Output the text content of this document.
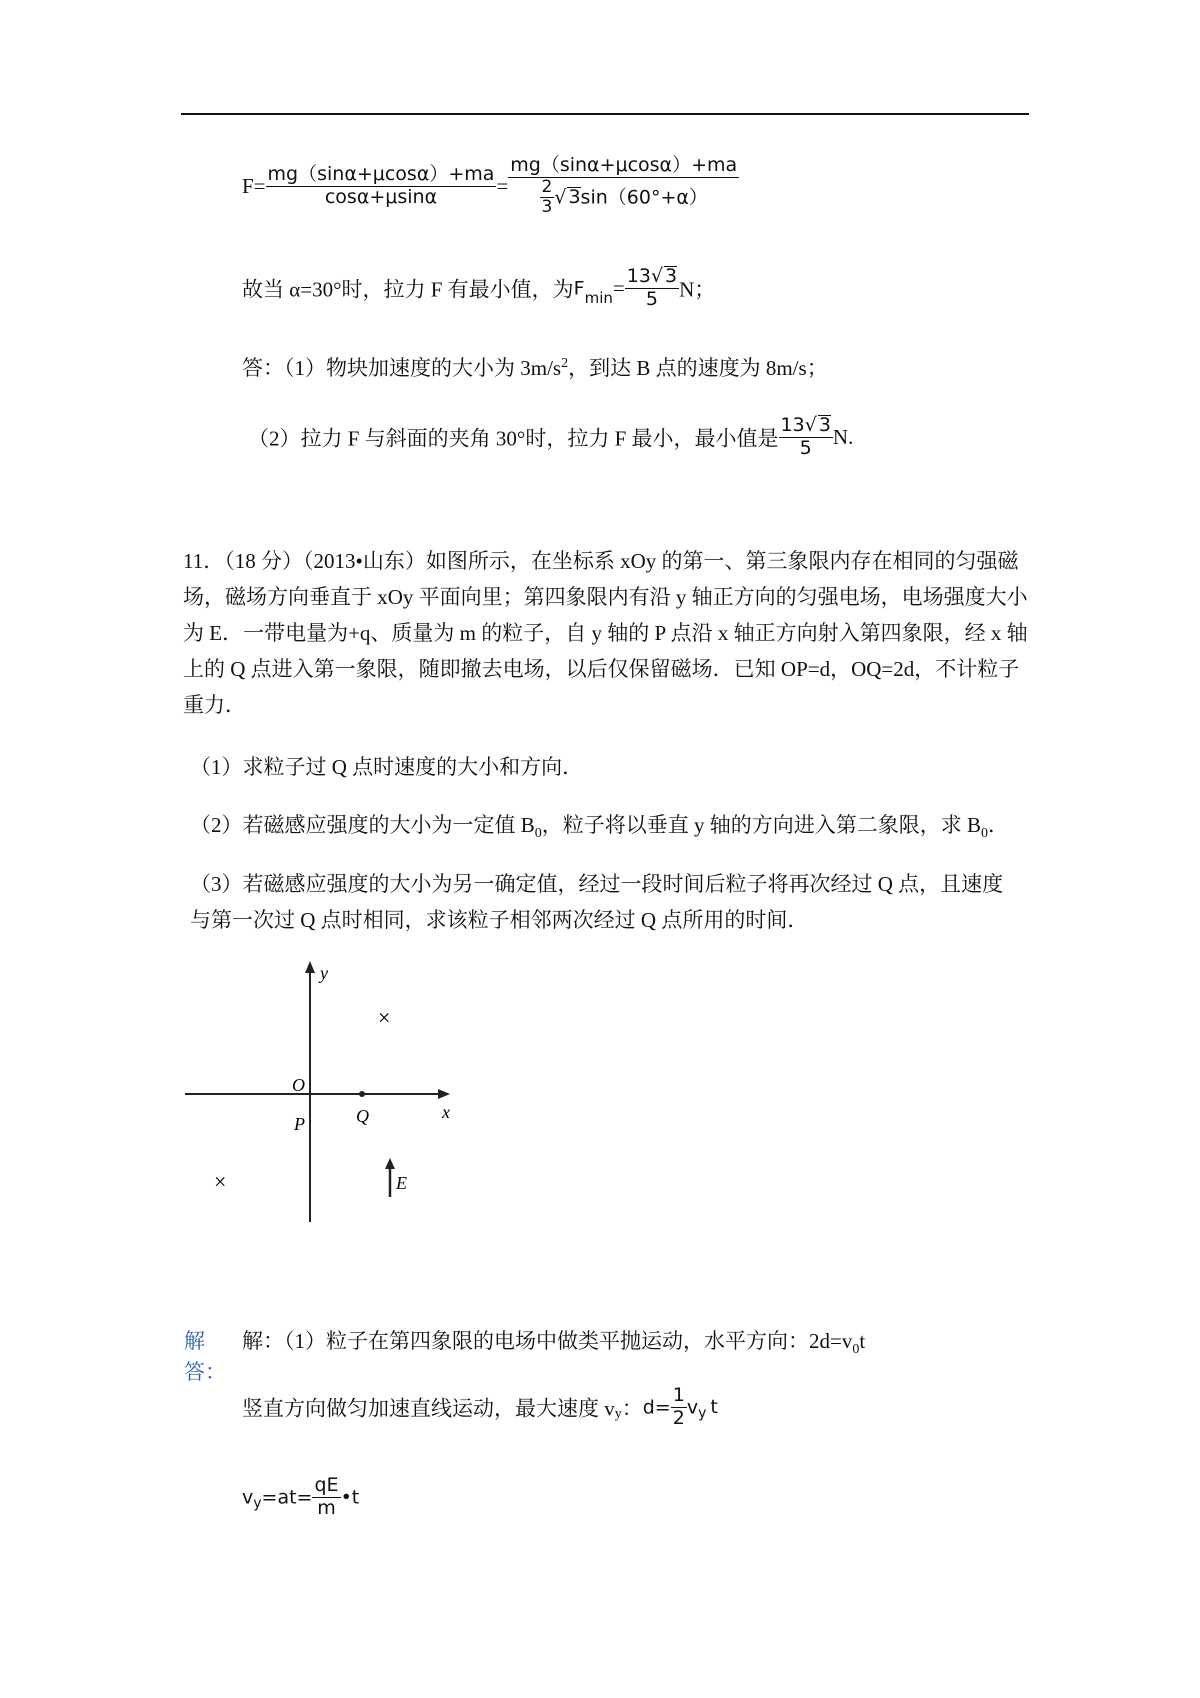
$F= \frac{mg(\sin\alpha+\mu\cos\alpha)+ma}{\cos\alpha+\mu\sin\alpha} = \frac{mg(\sin\alpha+\mu\cos\alpha)+ma}{\frac{2}{3} √ 3\sin(60^\circ+\alpha)}$
故当 α=30°时，拉力 F 有最小值，为$F_{min}= \frac{13√ 3}{5}$ N；
答：（1）物块加速度的大小为 $3m/s^2$，到达 B 点的速度为 8m/s；
（2）拉力 F 与斜面的夹角 30°时，拉力 F 最小，最小值是 $\frac{13√ 3}{5} N$.
11．（18 分）（2013•山东）如图所示，在坐标系 xOy 的第一、第三象限内存在相同的匀强磁场，磁场方向垂直于 xOy 平面向里；第四象限内有沿 y 轴正方向的匀强电场，电场强度大小为 E．一带电量为+q、质量为 m 的粒子，自 y 轴的 P 点沿 x 轴正方向射入第四象限，经 x 轴上的 Q 点进入第一象限，随即撤去电场，以后仅保留磁场．已知 OP=d，OQ=2d，不计粒子重力．
（1）求粒子过 Q 点时速度的大小和方向．
（2）若磁感应强度的大小为一定值 $B_0$，粒子将以垂直 y 轴的方向进入第二象限，求 $B_0$．
（3）若磁感应强度的大小为另一确定值，经过一段时间后粒子将再次经过 Q 点，且速度与第一次过 Q 点时相同，求该粒子相邻两次经过 Q 点所用的时间．
y
x
O
P	Q
E
×
×
解
答：
解：（1）粒子在第四象限的电场中做类平抛运动，水平方向：$2d=v_0t$
竖直方向做匀加速直线运动，最大速度 $v_y$：$d= \frac{1}{2} v_y$ t
$v_y=at= \frac{qE}{m}$ •t
